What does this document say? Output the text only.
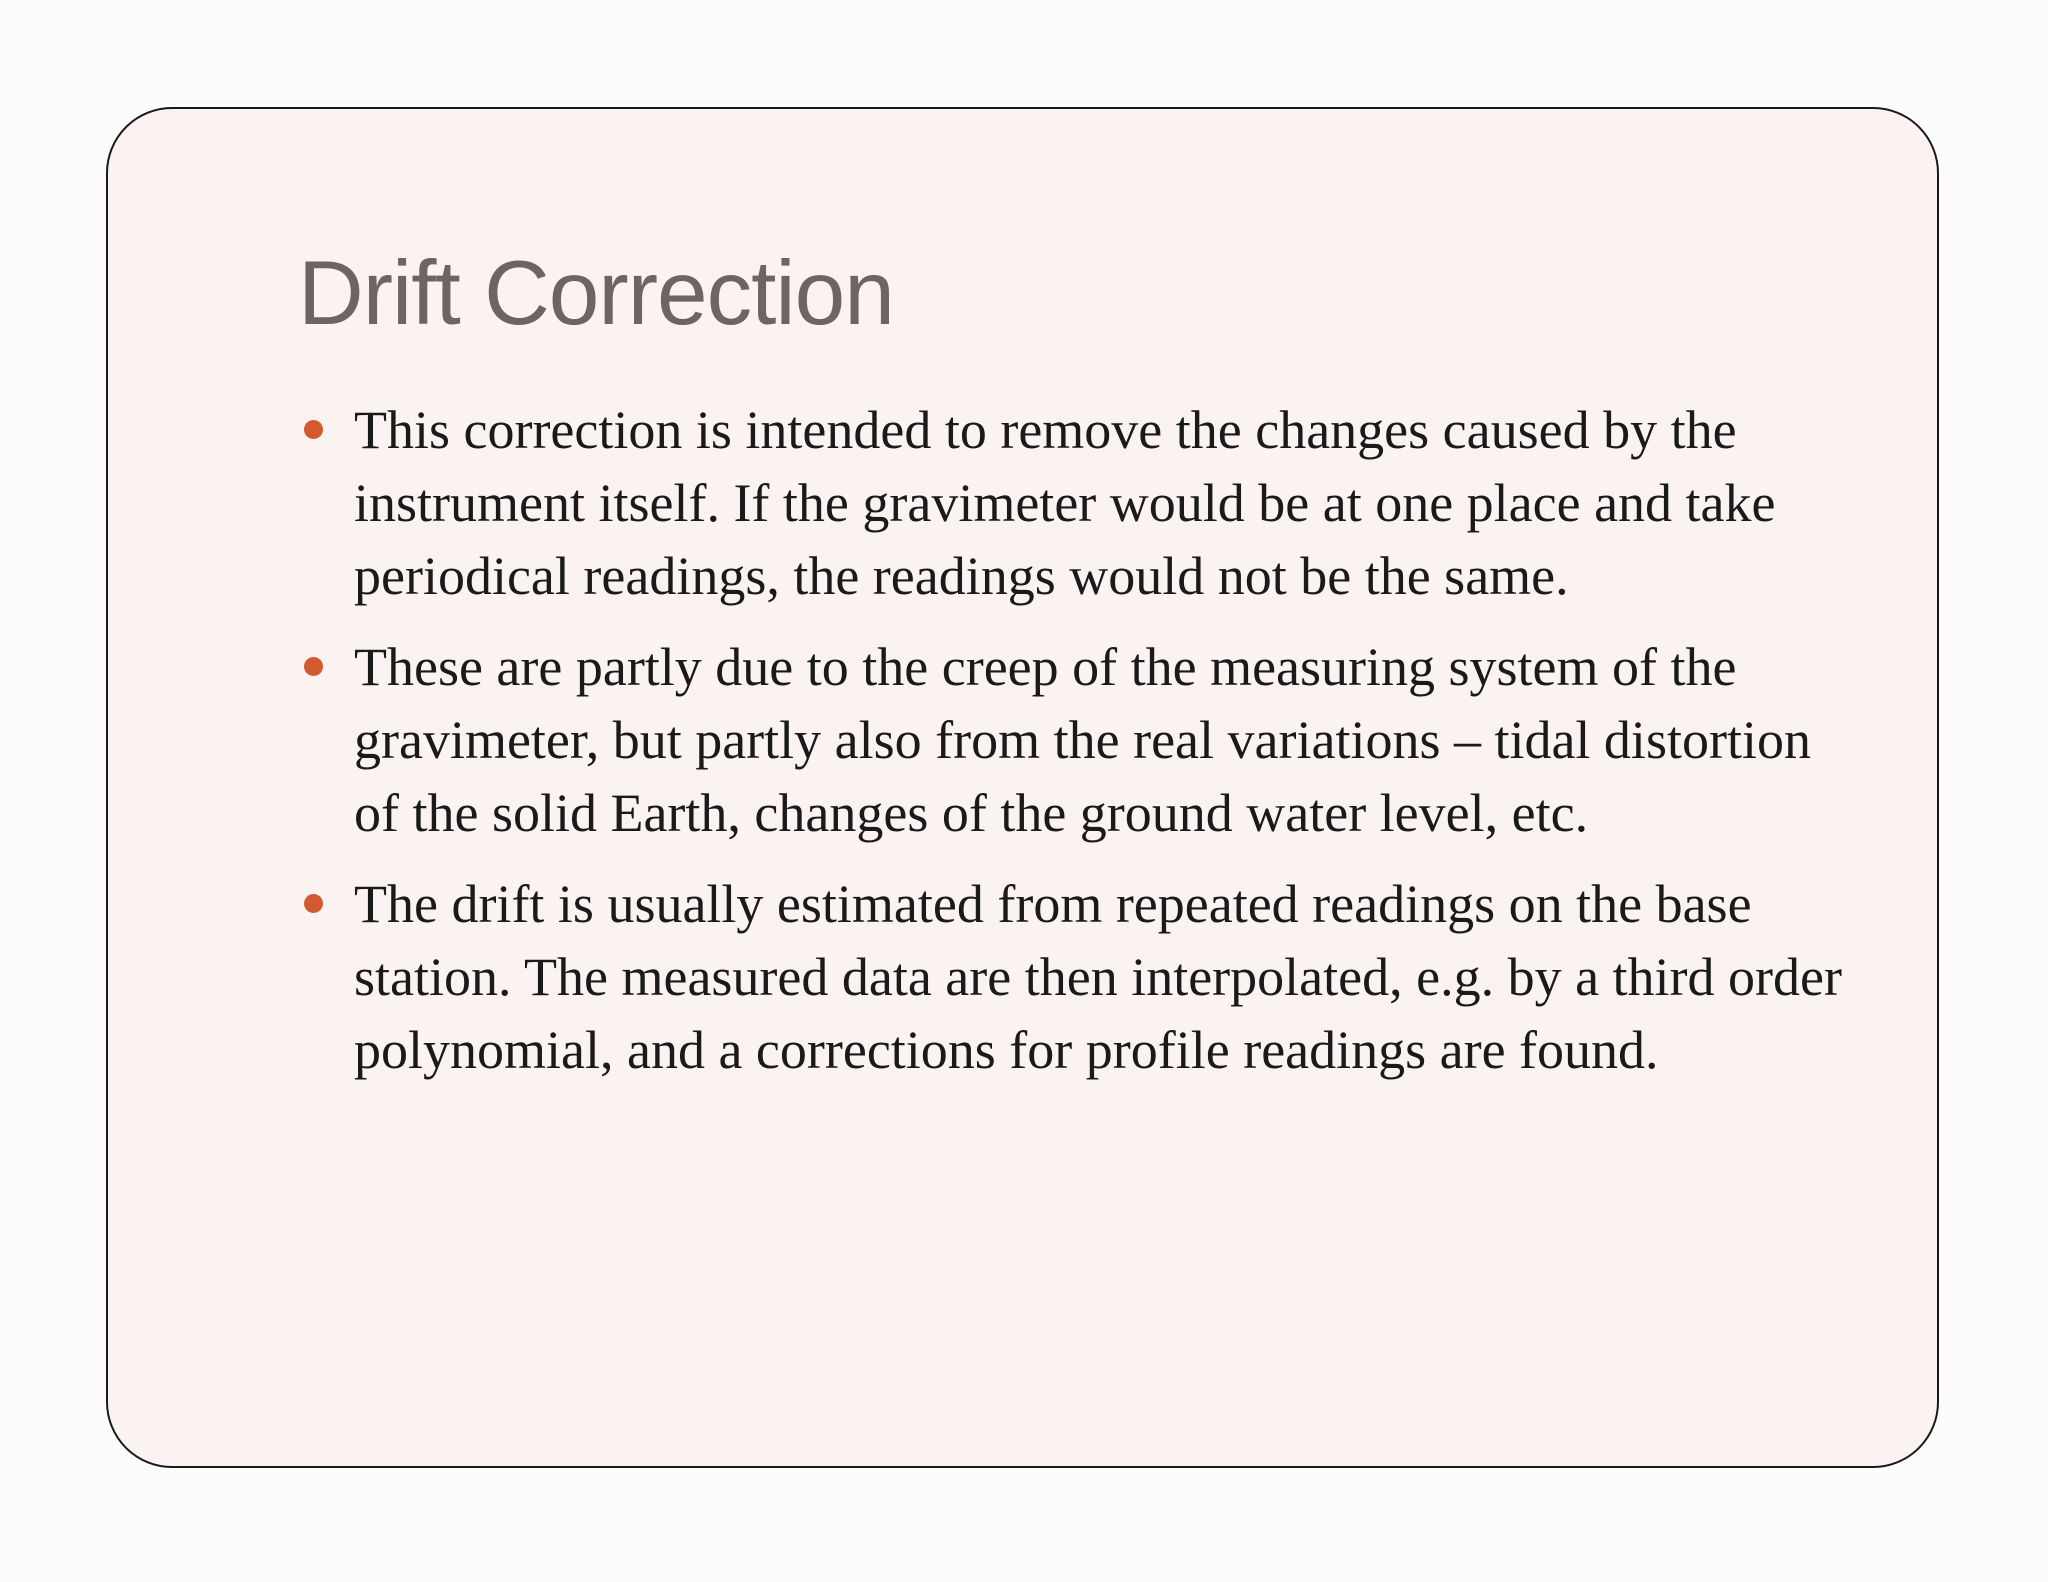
Drift Correction
This correction is intended to remove the changes caused by the instrument itself. If the gravimeter would be at one place and take periodical readings, the readings would not be the same.
These are partly due to the creep of the measuring system of the gravimeter, but partly also from the real variations – tidal distortion of the solid Earth, changes of the ground water level, etc.
The drift is usually estimated from repeated readings on the base station. The measured data are then interpolated, e.g. by a third order polynomial, and a corrections for profile readings are found.
